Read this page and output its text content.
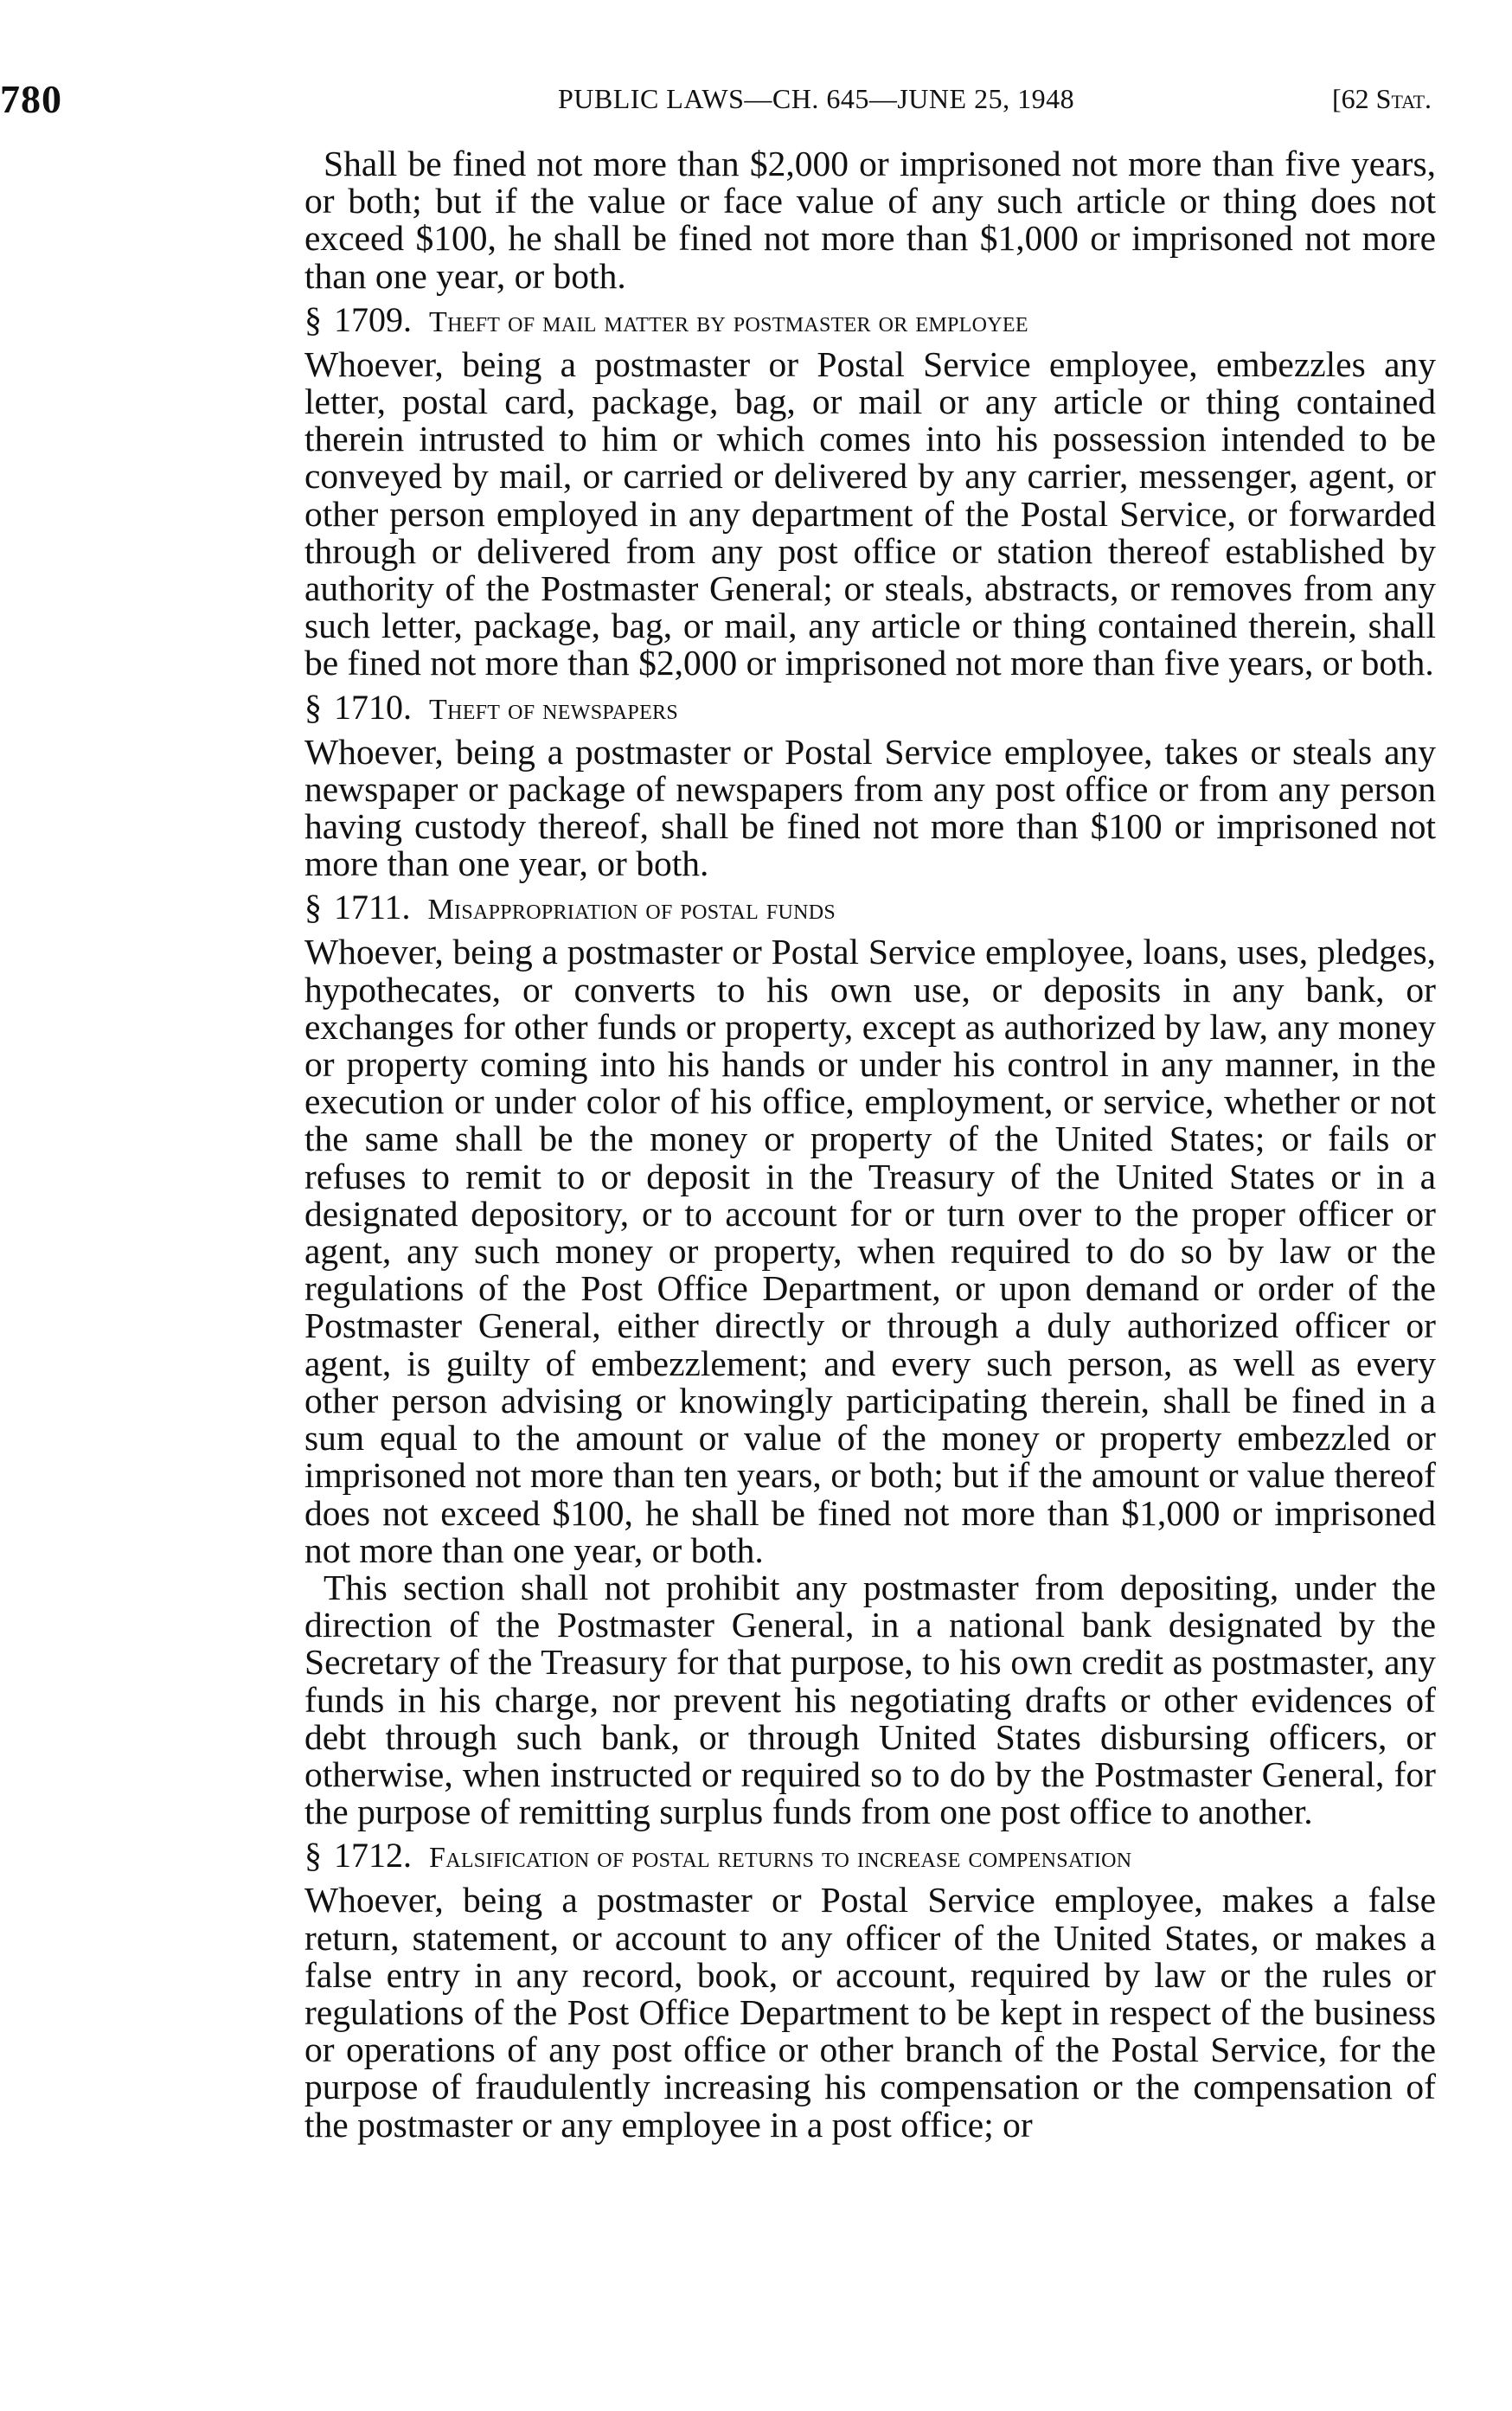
780	PUBLIC LAWS—CH. 645—JUNE 25, 1948	[62 Stat.

Shall be fined not more than $2,000 or imprisoned not more than five years, or both; but if the value or face value of any such article or thing does not exceed $100, he shall be fined not more than $1,000 or imprisoned not more than one year, or both.

§ 1709. Theft of mail matter by postmaster or employee

Whoever, being a postmaster or Postal Service employee, embezzles any letter, postal card, package, bag, or mail or any article or thing contained therein intrusted to him or which comes into his possession intended to be conveyed by mail, or carried or delivered by any carrier, messenger, agent, or other person employed in any department of the Postal Service, or forwarded through or delivered from any post office or station thereof established by authority of the Postmaster General; or steals, abstracts, or removes from any such letter, package, bag, or mail, any article or thing contained therein, shall be fined not more than $2,000 or imprisoned not more than five years, or both.

§ 1710. Theft of newspapers

Whoever, being a postmaster or Postal Service employee, takes or steals any newspaper or package of newspapers from any post office or from any person having custody thereof, shall be fined not more than $100 or imprisoned not more than one year, or both.

§ 1711. Misappropriation of postal funds

Whoever, being a postmaster or Postal Service employee, loans, uses, pledges, hypothecates, or converts to his own use, or deposits in any bank, or exchanges for other funds or property, except as authorized by law, any money or property coming into his hands or under his control in any manner, in the execution or under color of his office, employment, or service, whether or not the same shall be the money or property of the United States; or fails or refuses to remit to or deposit in the Treasury of the United States or in a designated depository, or to account for or turn over to the proper officer or agent, any such money or property, when required to do so by law or the regulations of the Post Office Department, or upon demand or order of the Postmaster General, either directly or through a duly authorized officer or agent, is guilty of embezzlement; and every such person, as well as every other person advising or knowingly participating therein, shall be fined in a sum equal to the amount or value of the money or property embezzled or imprisoned not more than ten years, or both; but if the amount or value thereof does not exceed $100, he shall be fined not more than $1,000 or imprisoned not more than one year, or both.

This section shall not prohibit any postmaster from depositing, under the direction of the Postmaster General, in a national bank designated by the Secretary of the Treasury for that purpose, to his own credit as postmaster, any funds in his charge, nor prevent his negotiating drafts or other evidences of debt through such bank, or through United States disbursing officers, or otherwise, when instructed or required so to do by the Postmaster General, for the purpose of remitting surplus funds from one post office to another.

§ 1712. Falsification of postal returns to increase compensation

Whoever, being a postmaster or Postal Service employee, makes a false return, statement, or account to any officer of the United States, or makes a false entry in any record, book, or account, required by law or the rules or regulations of the Post Office Department to be kept in respect of the business or operations of any post office or other branch of the Postal Service, for the purpose of fraudulently increasing his compensation or the compensation of the postmaster or any employee in a post office; or
